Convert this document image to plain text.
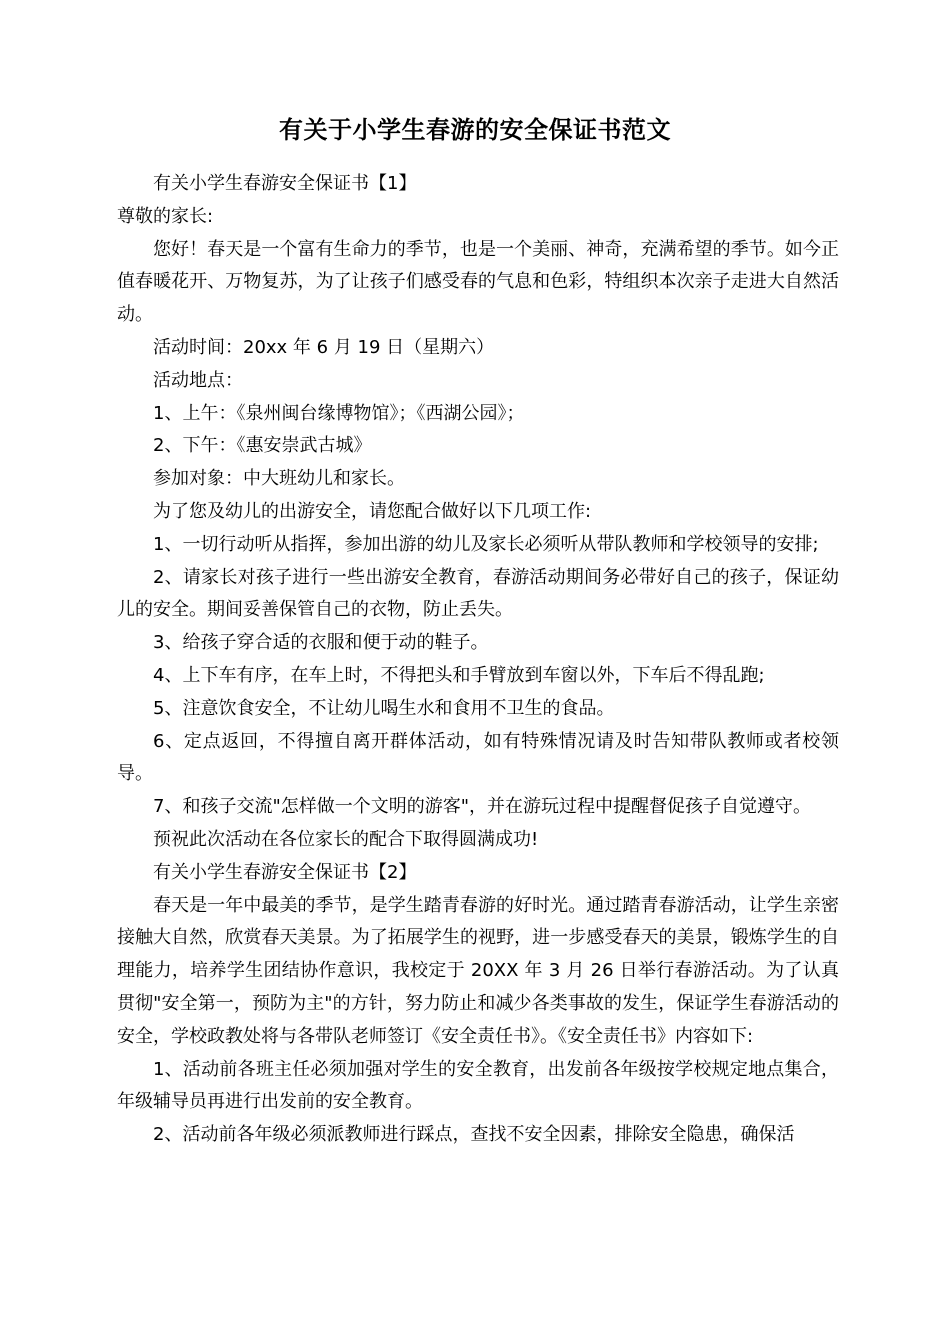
有关于小学生春游的安全保证书范文

有关小学生春游安全保证书【1】

尊敬的家长:

您好！春天是一个富有生命力的季节，也是一个美丽、神奇，充满希望的季节。如今正值春暖花开、万物复苏，为了让孩子们感受春的气息和色彩，特组织本次亲子走进大自然活动。

活动时间：20xx 年 6 月 19 日（星期六）

活动地点：

1、上午：《泉州闽台缘博物馆》；《西湖公园》；

2、下午：《惠安崇武古城》

参加对象：中大班幼儿和家长。

为了您及幼儿的出游安全，请您配合做好以下几项工作:

1、一切行动听从指挥，参加出游的幼儿及家长必须听从带队教师和学校领导的安排;

2、请家长对孩子进行一些出游安全教育，春游活动期间务必带好自己的孩子，保证幼儿的安全。期间妥善保管自己的衣物，防止丢失。

3、给孩子穿合适的衣服和便于动的鞋子。

4、上下车有序，在车上时，不得把头和手臂放到车窗以外，下车后不得乱跑;

5、注意饮食安全，不让幼儿喝生水和食用不卫生的食品。

6、定点返回，不得擅自离开群体活动，如有特殊情况请及时告知带队教师或者校领导。

7、和孩子交流"怎样做一个文明的游客"，并在游玩过程中提醒督促孩子自觉遵守。

预祝此次活动在各位家长的配合下取得圆满成功!

有关小学生春游安全保证书【2】

春天是一年中最美的季节，是学生踏青春游的好时光。通过踏青春游活动，让学生亲密接触大自然，欣赏春天美景。为了拓展学生的视野，进一步感受春天的美景，锻炼学生的自理能力，培养学生团结协作意识，我校定于 20XX 年 3 月 26 日举行春游活动。为了认真贯彻"安全第一，预防为主"的方针，努力防止和减少各类事故的发生，保证学生春游活动的安全，学校政教处将与各带队老师签订《安全责任书》。《安全责任书》内容如下:

1、活动前各班主任必须加强对学生的安全教育，出发前各年级按学校规定地点集合，年级辅导员再进行出发前的安全教育。

2、活动前各年级必须派教师进行踩点，查找不安全因素，排除安全隐患，确保活
